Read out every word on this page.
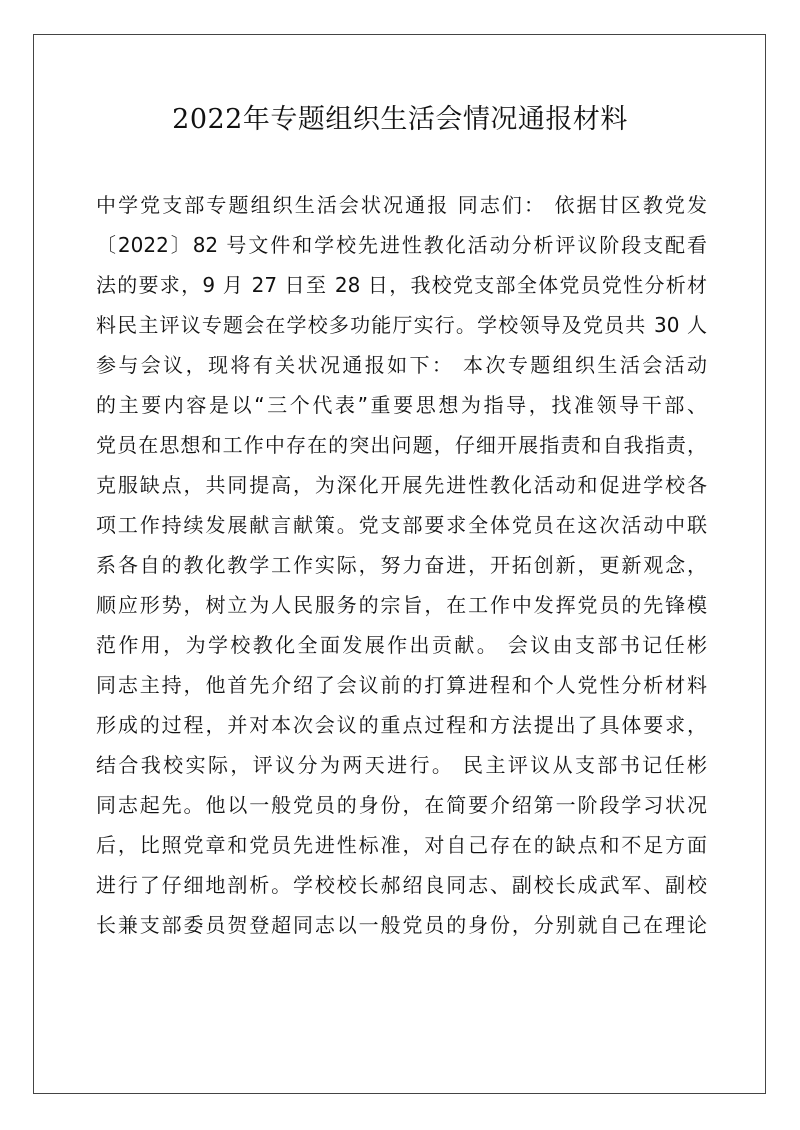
2022年专题组织生活会情况通报材料
中学党支部专题组织生活会状况通报 同志们： 依据甘区教党发
〔2022〕82 号文件和学校先进性教化活动分析评议阶段支配看
法的要求，9 月 27 日至 28 日，我校党支部全体党员党性分析材
料民主评议专题会在学校多功能厅实行。学校领导及党员共 30 人
参与会议，现将有关状况通报如下： 本次专题组织生活会活动
的主要内容是以“三个代表”重要思想为指导，找准领导干部、
党员在思想和工作中存在的突出问题，仔细开展指责和自我指责，
克服缺点，共同提高，为深化开展先进性教化活动和促进学校各
项工作持续发展献言献策。党支部要求全体党员在这次活动中联
系各自的教化教学工作实际，努力奋进，开拓创新，更新观念，
顺应形势，树立为人民服务的宗旨，在工作中发挥党员的先锋模
范作用，为学校教化全面发展作出贡献。 会议由支部书记任彬
同志主持，他首先介绍了会议前的打算进程和个人党性分析材料
形成的过程，并对本次会议的重点过程和方法提出了具体要求，
结合我校实际，评议分为两天进行。 民主评议从支部书记任彬
同志起先。他以一般党员的身份，在简要介绍第一阶段学习状况
后，比照党章和党员先进性标准，对自己存在的缺点和不足方面
进行了仔细地剖析。学校校长郝绍良同志、副校长成武军、副校
长兼支部委员贺登超同志以一般党员的身份，分别就自己在理论
